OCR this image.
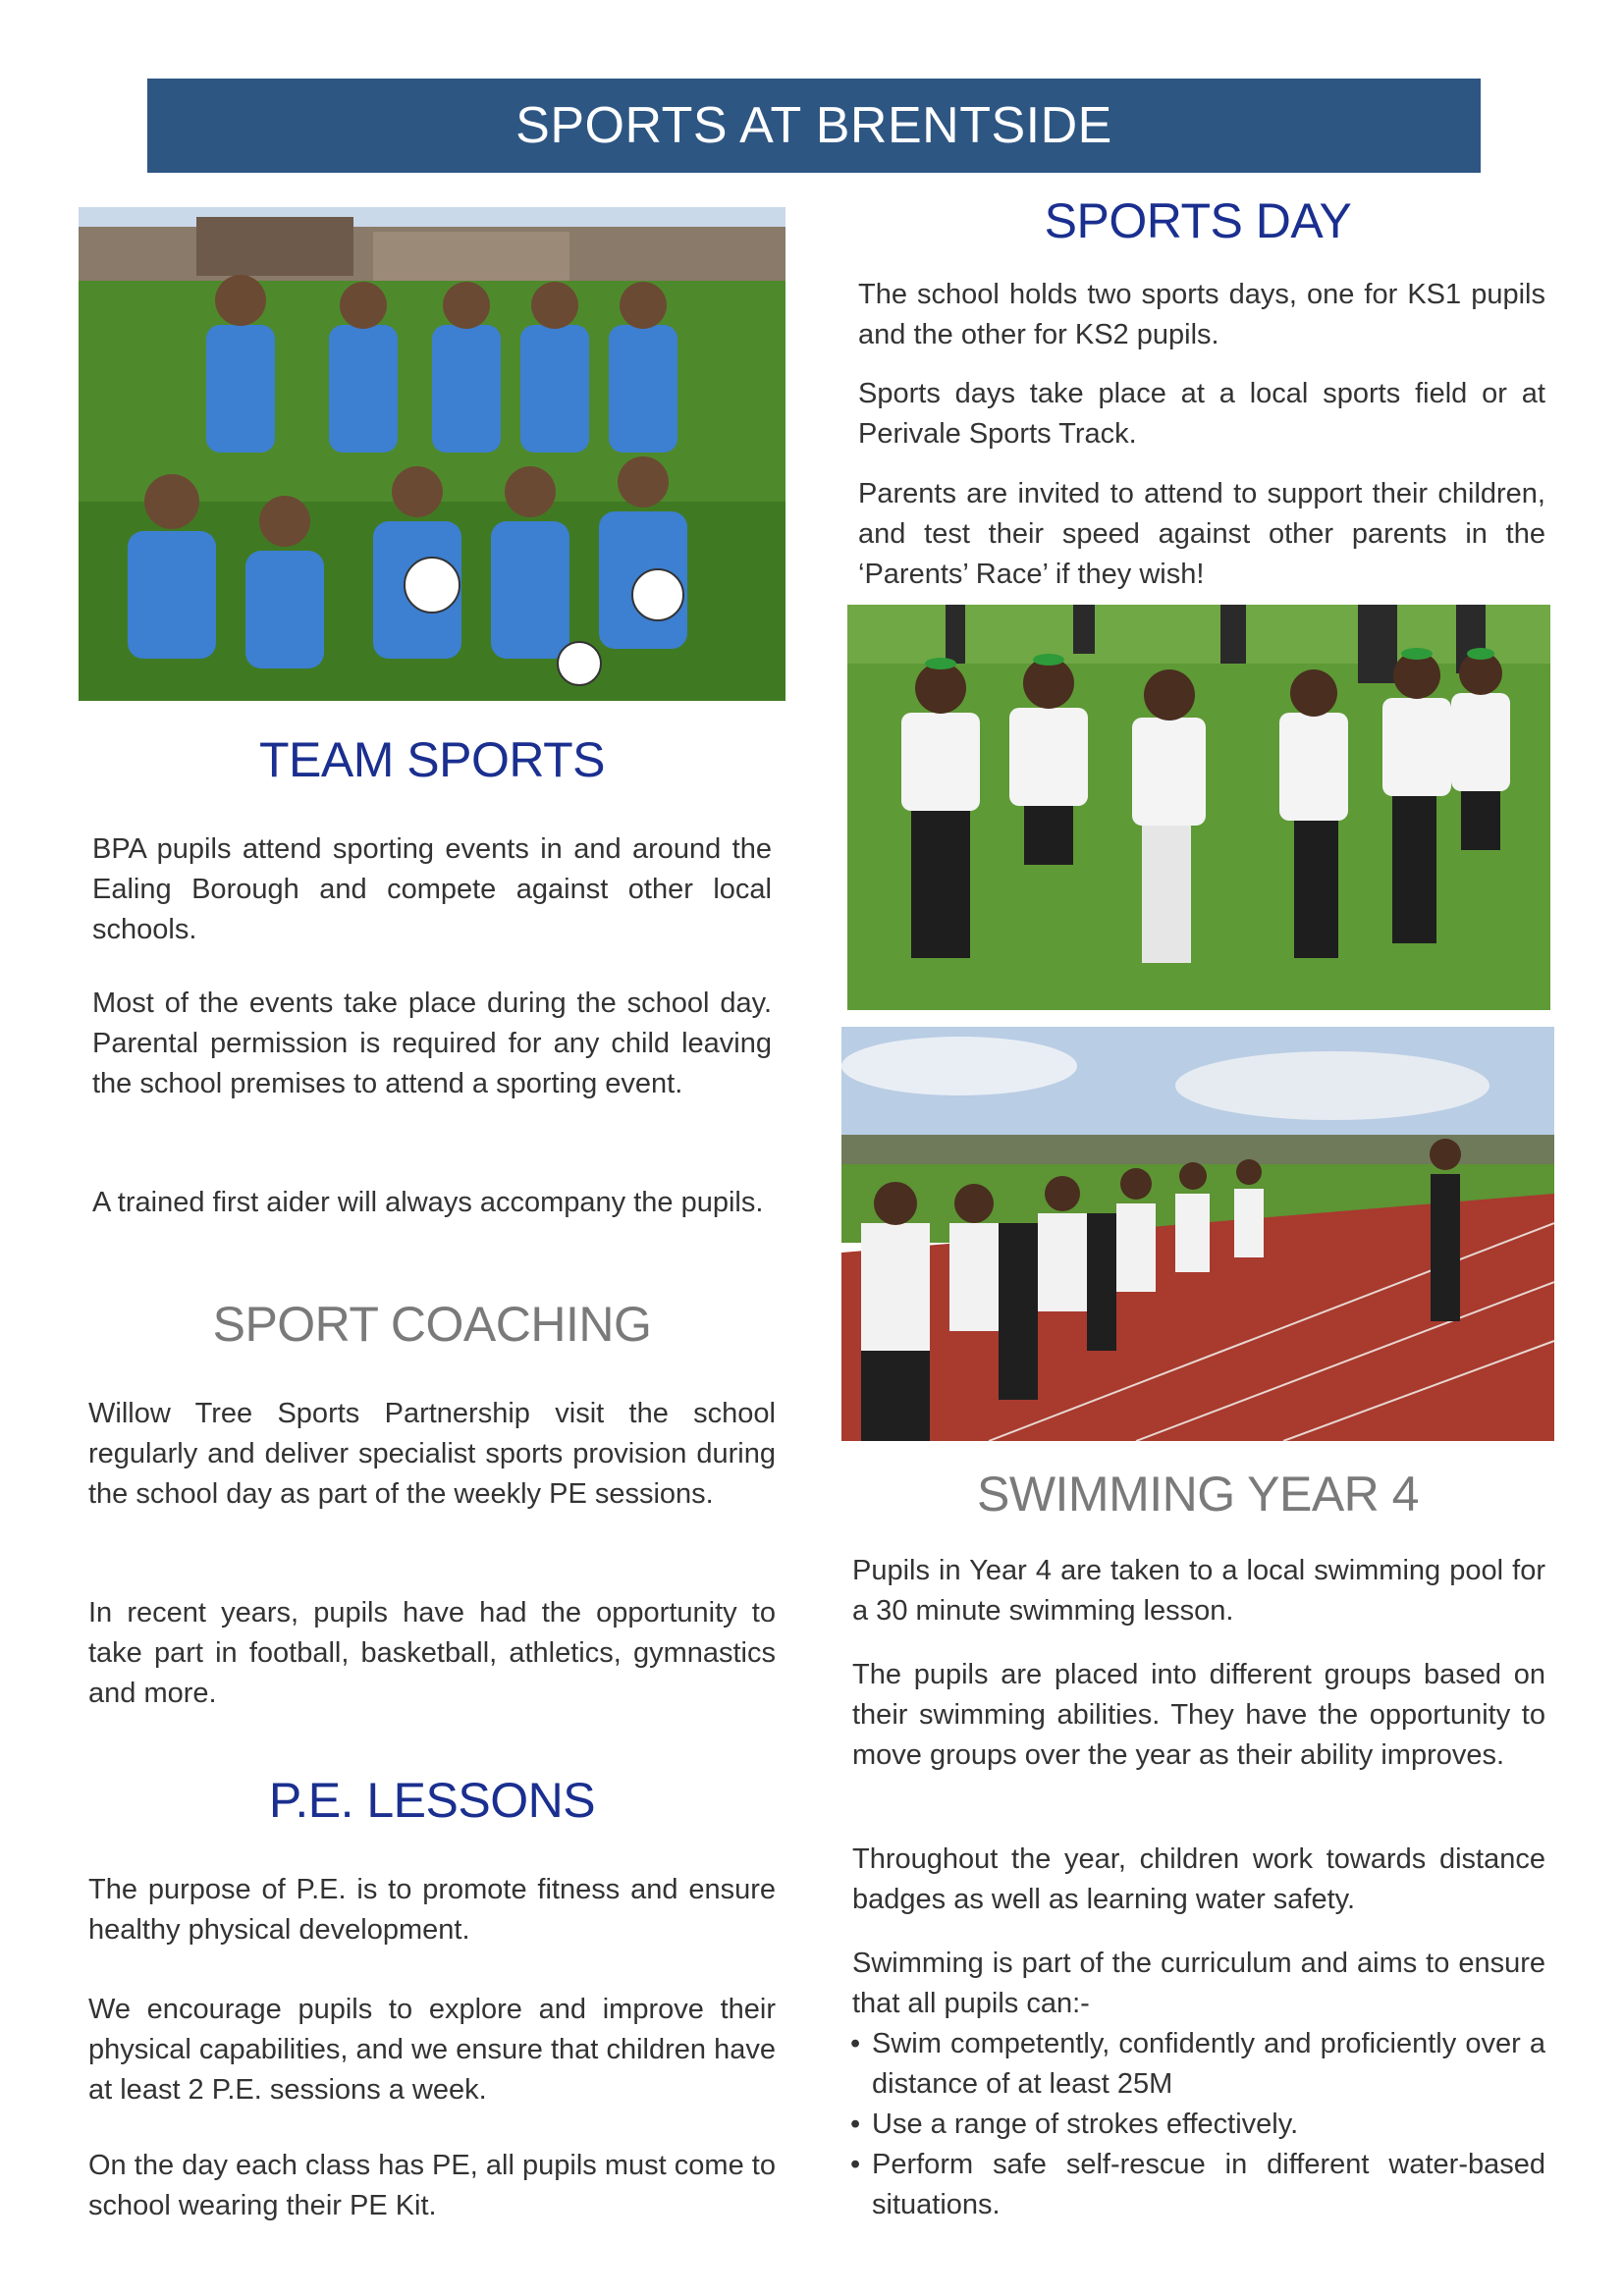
SPORTS AT BRENTSIDE
TEAM SPORTS

BPA pupils attend sporting events in and around the Ealing Borough and compete against other local schools.

Most of the events take place during the school day. Parental permission is required for any child leaving the school premises to attend a sporting event.

A trained first aider will always accompany the pupils.

SPORT COACHING

Willow Tree Sports Partnership visit the school regularly and deliver specialist sports provision during the school day as part of the weekly PE sessions.

In recent years, pupils have had the opportunity to take part in football, basketball, athletics, gymnastics and more.

P.E. LESSONS

The purpose of P.E. is to promote fitness and ensure healthy physical development.

We encourage pupils to explore and improve their physical capabilities, and we ensure that children have at least 2 P.E. sessions a week.

On the day each class has PE, all pupils must come to school wearing their PE Kit.

SPORTS DAY

The school holds two sports days, one for KS1 pupils and the other for KS2 pupils.

Sports days take place at a local sports field or at Perivale Sports Track.

Parents are invited to attend to support their children, and test their speed against other parents in the ‘Parents’ Race’ if they wish!

SWIMMING YEAR 4

Pupils in Year 4 are taken to a local swimming pool for a 30 minute swimming lesson.

The pupils are placed into different groups based on their swimming abilities. They have the opportunity to move groups over the year as their ability improves.

Throughout the year, children work towards distance badges as well as learning water safety.

Swimming is part of the curriculum and aims to ensure that all pupils can:-

• Swim competently, confidently and proficiently over a distance of at least 25M
• Use a range of strokes effectively.
• Perform safe self-rescue in different water-based situations.
